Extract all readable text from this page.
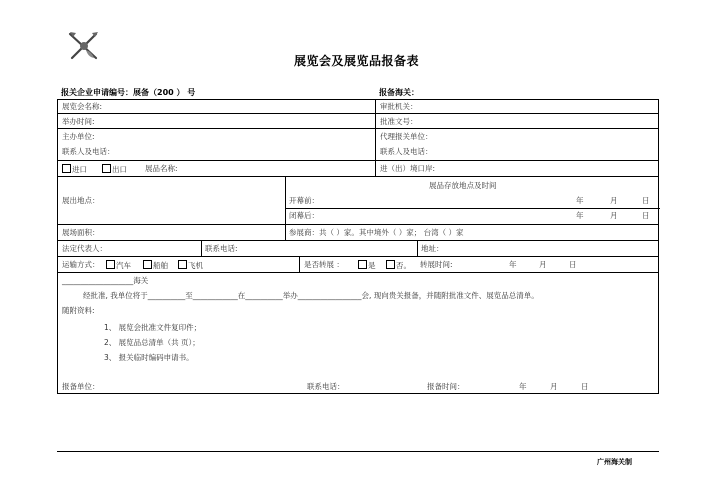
展览会及展览品报备表
报关企业申请编号：展备（200 ） 号	报备海关：
展览会名称:	审批机关：
举办时间:	批准文号：
主办单位:	代理报关单位：
联系人及电话：	联系人及电话：
进口	出口 展品名称:	进（出）境口岸:
展出地点：
展品存放地点及时间
开幕前：	年	月	日
闭幕后：	年	月	日
展场面积：	参展商：共（ ）家。其中境外（ ）家； 台湾（ ）家
法定代表人：	联系电话:	地址：
运输方式：	汽车	船舶	飞机	是否转展 ：	是	否。 转展时间:	年	月	日
___________________海关
经批准, 我单位将于__________至____________在__________举办_________________会, 现向贵关报备，并随附批准文件、展览品总清单。
随附资料:
1、 展览会批准文件复印件；
2、 展览品总清单（共 页）；
3、 报关临时编码申请书。
报备单位：	联系电话：	报备时间：	年	月	日
广州海关制
